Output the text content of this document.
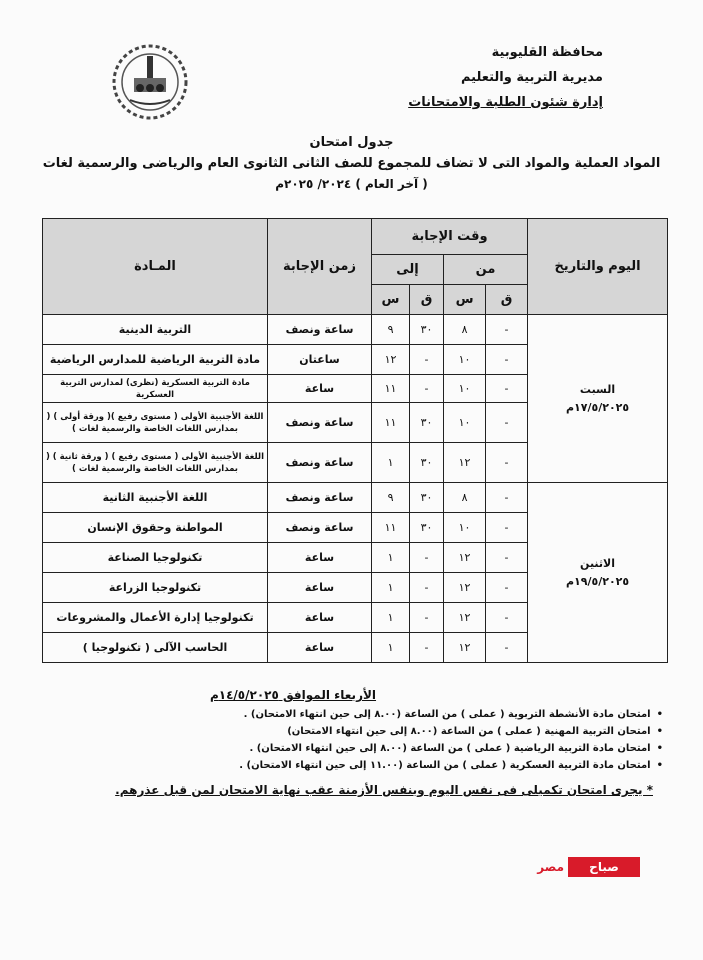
محافظة القليوبية
مديرية التربية والتعليم
إدارة شئون الطلبة والامتحانات
جدول امتحان
المواد العملية والمواد التى لا تضاف للمجموع للصف الثانى الثانوى العام والرياضى والرسمية لغات
( آخر العام ) ٢٠٢٤/ ٢٠٢٥م
اليوم والتاريخ	وقت الإجابة				زمن الإجابة	المـادة
	من		إلى			
	ق	س	ق	س		

السبت
١٧/٥/٢٠٢٥م	-	٨	٣٠	٩	ساعة ونصف	التربية الدينية
	-	١٠	-	١٢	ساعتان	مادة التربية الرياضية للمدارس الرياضية
	-	١٠	-	١١	ساعة	مادة التربية العسكرية (نظرى) لمدارس التربية العسكرية
	-	١٠	٣٠	١١	ساعة ونصف	اللغة الأجنبية الأولى ( مستوى رفيع )( ورقة أولى ) ( بمدارس اللغات الخاصة والرسمية لغات )
	-	١٢	٣٠	١	ساعة ونصف	اللغة الأجنبية الأولى ( مستوى رفيع ) ( ورقة ثانية ) ( بمدارس اللغات الخاصة والرسمية لغات )

الاثنين
١٩/٥/٢٠٢٥م	-	٨	٣٠	٩	ساعة ونصف	اللغة الأجنبية الثانية
	-	١٠	٣٠	١١	ساعة ونصف	المواطنة وحقوق الإنسان
	-	١٢	-	١	ساعة	تكنولوجيا الصناعة
	-	١٢	-	١	ساعة	تكنولوجيا الزراعة
	-	١٢	-	١	ساعة	تكنولوجيا إدارة الأعمال والمشروعات
	-	١٢	-	١	ساعة	الحاسب الآلى ( تكنولوجيا )
الأربعاء الموافق ١٤/٥/٢٠٢٥م
• امتحان مادة الأنشطة التربوية ( عملى ) من الساعة (٨.٠٠ إلى حين انتهاء الامتحان) .
• امتحان التربية المهنية ( عملى ) من الساعة (٨.٠٠ إلى حين انتهاء الامتحان)
• امتحان مادة التربية الرياضية ( عملى ) من الساعة (٨.٠٠ إلى حين انتهاء الامتحان) .
• امتحان مادة التربية العسكرية ( عملى ) من الساعة (١١.٠٠ إلى حين انتهاء الامتحان) .
* يجرى امتحان تكميلى فى نفس اليوم وبنفس الأزمنة عقب نهاية الامتحان لمن قبل عذرهم.
صباح
مصر
